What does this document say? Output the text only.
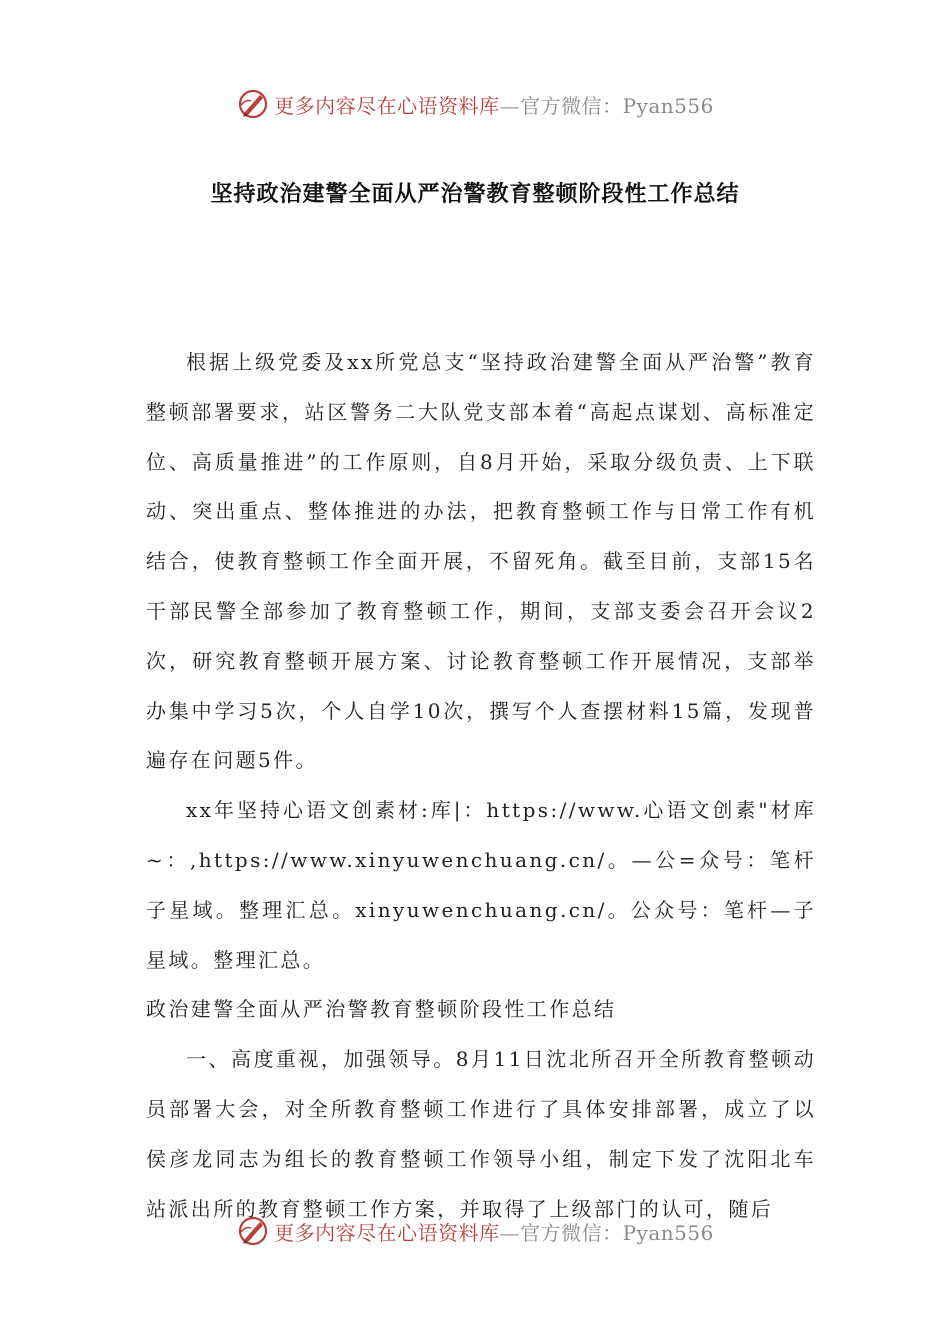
更多内容尽在心语资料库—官方微信：Pyan556
坚持政治建警全面从严治警教育整顿阶段性工作总结

根据上级党委及xx所党总支“坚持政治建警全面从严治警”教育整顿部署要求，站区警务二大队党支部本着“高起点谋划、高标准定位、高质量推进”的工作原则，自8月开始，采取分级负责、上下联动、突出重点、整体推进的办法，把教育整顿工作与日常工作有机结合，使教育整顿工作全面开展，不留死角。截至目前，支部15名干部民警全部参加了教育整顿工作，期间，支部支委会召开会议2次，研究教育整顿开展方案、讨论教育整顿工作开展情况，支部举办集中学习5次，个人自学10次，撰写个人查摆材料15篇，发现普遍存在问题5件。

xx年坚持心语文创素材:库|：https://www.心语文创素"材库~：,https://www.xinyuwenchuang.cn/。—公=众号：笔杆子星域。整理汇总。xinyuwenchuang.cn/。公众号：笔杆—子星域。整理汇总。

政治建警全面从严治警教育整顿阶段性工作总结

一、高度重视，加强领导。8月11日沈北所召开全所教育整顿动员部署大会，对全所教育整顿工作进行了具体安排部署，成立了以侯彦龙同志为组长的教育整顿工作领导小组，制定下发了沈阳北车站派出所的教育整顿工作方案，并取得了上级部门的认可，随后

更多内容尽在心语资料库—官方微信：Pyan556
